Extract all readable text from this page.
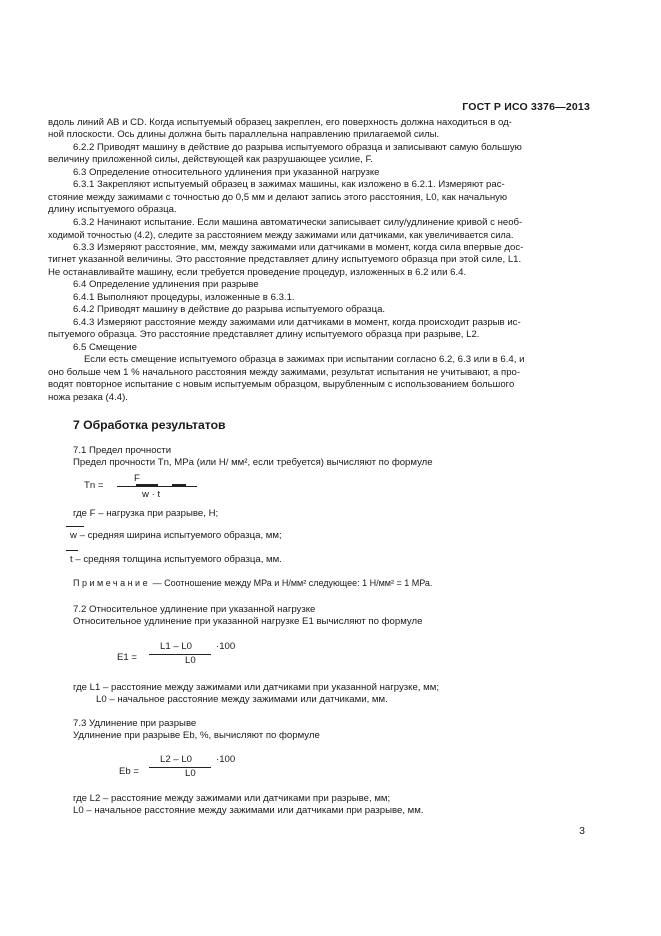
ГОСТ Р ИСО 3376—2013
вдоль линий AB и CD. Когда испытуемый образец закреплен, его поверхность должна находиться в од-
ной плоскости. Ось длины должна быть параллельна направлению прилагаемой силы.
6.2.2 Приводят машину в действие до разрыва испытуемого образца и записывают самую большую
величину приложенной силы, действующей как разрушающее усилие, F.
6.3 Определение относительного удлинения при указанной нагрузке
6.3.1 Закрепляют испытуемый образец в зажимах машины, как изложено в 6.2.1. Измеряют рас-
стояние между зажимами с точностью до 0,5 мм и делают запись этого расстояния, L0, как начальную
длину испытуемого образца.
6.3.2 Начинают испытание. Если машина автоматически записывает силу/удлинение кривой с необ-
ходимой точностью (4.2), следите за расстоянием между зажимами или датчиками, как увеличивается сила.
6.3.3 Измеряют расстояние, мм, между зажимами или датчиками в момент, когда сила впервые дос-
тигнет указанной величины. Это расстояние представляет длину испытуемого образца при этой силе, L1.
Не останавливайте машину, если требуется проведение процедур, изложенных в 6.2 или 6.4.
6.4 Определение удлинения при разрыве
6.4.1 Выполняют процедуры, изложенные в 6.3.1.
6.4.2 Приводят машину в действие до разрыва испытуемого образца.
6.4.3 Измеряют расстояние между зажимами или датчиками в момент, когда происходит разрыв ис-
пытуемого образца. Это расстояние представляет длину испытуемого образца при разрыве, L2.
6.5 Смещение
Если есть смещение испытуемого образца в зажимах при испытании согласно 6.2, 6.3 или в 6.4, и
оно больше чем 1 % начального расстояния между зажимами, результат испытания не учитывают, а про-
водят повторное испытание с новым испытуемым образцом, вырубленным с использованием большого
ножа резака (4.4).
7 Обработка результатов
7.1 Предел прочности
Предел прочности Tn, MPa (или Н/ мм², если требуется) вычисляют по формуле
Tn =
F
w · t
где F – нагрузка при разрыве, Н;
w – средняя ширина испытуемого образца, мм;
t – средняя толщина испытуемого образца, мм.
Примечание — Соотношение между МРа и Н/мм² следующее: 1 Н/мм² = 1 МРа.
7.2 Относительное удлинение при указанной нагрузке
Относительное удлинение при указанной нагрузке E1 вычисляют по формуле
E1 =
L1 – L0
L0
·100
где L1 – расстояние между зажимами или датчиками при указанной нагрузке, мм;
L0 – начальное расстояние между зажимами или датчиками, мм.
7.3 Удлинение при разрыве
Удлинение при разрыве Eb, %, вычисляют по формуле
Eb =
L2 – L0
L0
·100
где L2 – расстояние между зажимами или датчиками при разрыве, мм;
L0 – начальное расстояние между зажимами или датчиками при разрыве, мм.
3
